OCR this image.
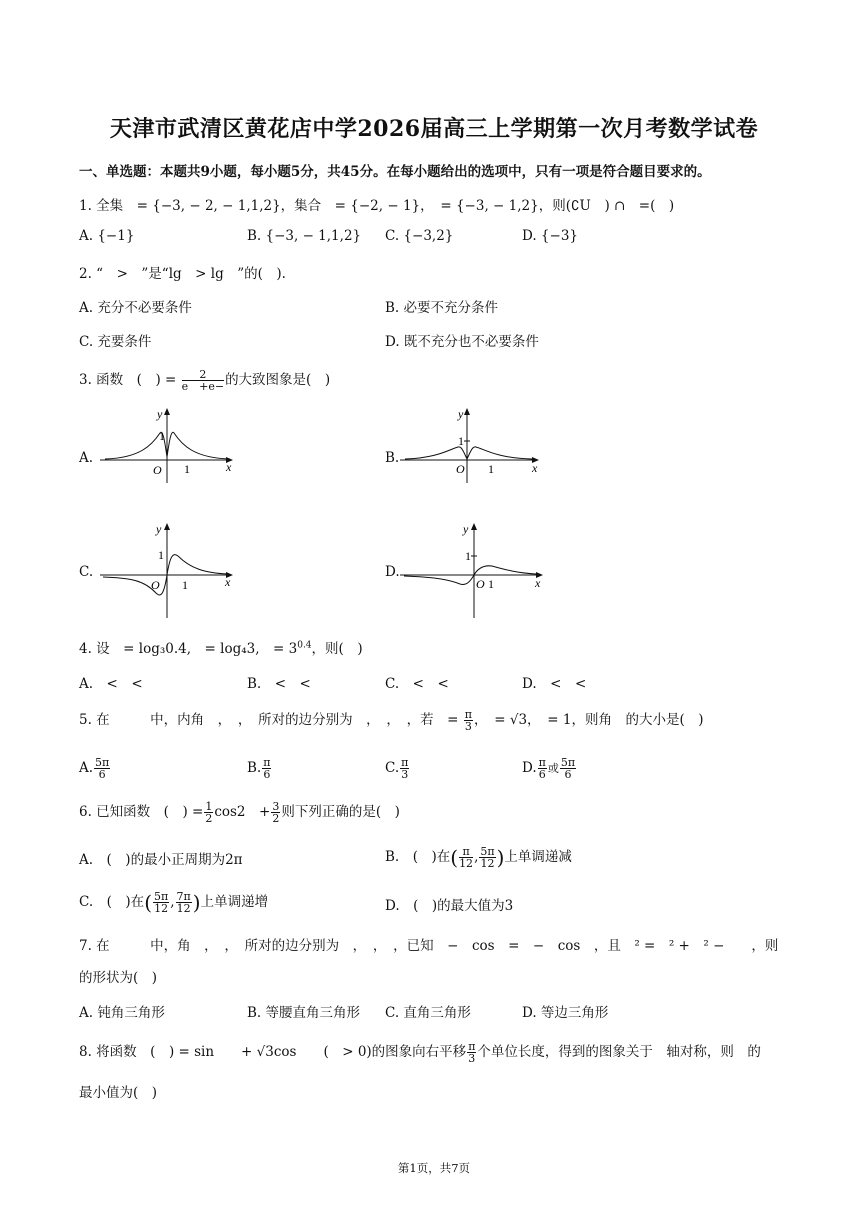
天津市武清区黄花店中学2026届高三上学期第一次月考数学试卷
一、单选题：本题共9小题，每小题5分，共45分。在每小题给出的选项中，只有一项是符合题目要求的。
1. 全集　= {−3, − 2, − 1,1,2}，集合　= {−2, − 1}，　= {−3, − 1,2}，则(∁U　) ∩　=(　)
A. {−1}	B. {−3, − 1,1,2} C. {−3,2}	D. {−3}
2. “　>　”是“lg　> lg　”的(　).
A. 充分不必要条件	B. 必要不充分条件
C. 充要条件	D. 既不充分也不必要条件
3. 函数　(　) = $\frac{2}{e +e-}$ 的大致图象是(　)
A.
y
x
O 1
1
B.
y
x
O 1
1
C.
y
x
O 1
1
D.
y
x
O 1
1
4. 设　= log₃0.4,　= log₄3,　= $3^{0.4}$，则(　)
A.　<　<	B.　<　<	C.　<　<	D.　<　<
5. 在　　　中，内角　，　，　所对的边分别为　，　，　，若　= $\frac{\pi}{3}$ ，　= √3，　= 1，则角　的大小是(　)
A. $\frac{5\pi}{6}$	B. $\frac{\pi}{6}$	C. $\frac{\pi}{3}$	D. $\frac{\pi}{6}$ 或 $\frac{5\pi}{6}$
6. 已知函数　(　) = $\frac{1}{2} \cos 2$　+ $\frac{3}{2}$ 则下列正确的是(　)
A.　(　)的最小正周期为2π	B.　(　)在( $\frac{\pi}{12}$ , $\frac{5\pi}{12}$ )上单调递减
C.　(　)在( $\frac{5\pi}{12}$ , $\frac{7\pi}{12}$ )上单调递增	D.　(　)的最大值为3
7. 在　　　中，角　，　，　所对的边分别为　，　，　，已知　−　cos　=　−　cos　，且　² =　² +　² −　　，则
的形状为(　)
A. 钝角三角形	B. 等腰直角三角形 C. 直角三角形	D. 等边三角形
8. 将函数　(　) = sin　　+ √3cos　　(　> 0)的图象向右平移 $\frac{\pi}{3}$ 个单位长度，得到的图象关于　轴对称，则　的
最小值为(　)
第1页，共7页
